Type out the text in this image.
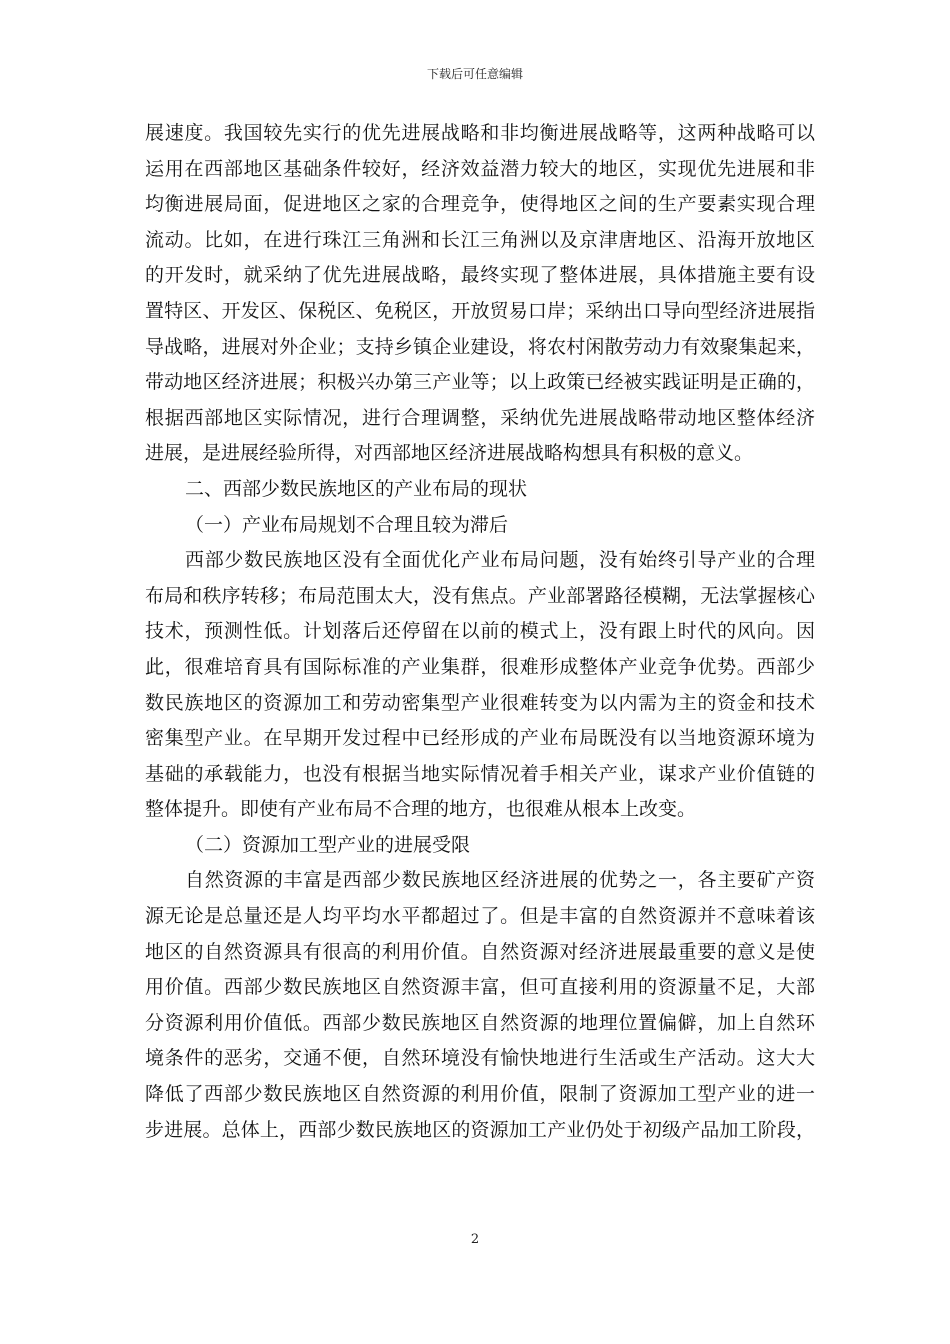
下载后可任意编辑
展速度。我国较先实行的优先进展战略和非均衡进展战略等，这两种战略可以
运用在西部地区基础条件较好，经济效益潜力较大的地区，实现优先进展和非
均衡进展局面，促进地区之家的合理竞争，使得地区之间的生产要素实现合理
流动。比如，在进行珠江三角洲和长江三角洲以及京津唐地区、沿海开放地区
的开发时，就采纳了优先进展战略，最终实现了整体进展，具体措施主要有设
置特区、开发区、保税区、免税区，开放贸易口岸；采纳出口导向型经济进展指
导战略，进展对外企业；支持乡镇企业建设，将农村闲散劳动力有效聚集起来，
带动地区经济进展；积极兴办第三产业等；以上政策已经被实践证明是正确的，
根据西部地区实际情况，进行合理调整，采纳优先进展战略带动地区整体经济
进展，是进展经验所得，对西部地区经济进展战略构想具有积极的意义。
二、西部少数民族地区的产业布局的现状
（一）产业布局规划不合理且较为滞后
西部少数民族地区没有全面优化产业布局问题，没有始终引导产业的合理
布局和秩序转移；布局范围太大，没有焦点。产业部署路径模糊，无法掌握核心
技术，预测性低。计划落后还停留在以前的模式上，没有跟上时代的风向。因
此，很难培育具有国际标准的产业集群，很难形成整体产业竞争优势。西部少
数民族地区的资源加工和劳动密集型产业很难转变为以内需为主的资金和技术
密集型产业。在早期开发过程中已经形成的产业布局既没有以当地资源环境为
基础的承载能力，也没有根据当地实际情况着手相关产业，谋求产业价值链的
整体提升。即使有产业布局不合理的地方，也很难从根本上改变。
（二）资源加工型产业的进展受限
自然资源的丰富是西部少数民族地区经济进展的优势之一，各主要矿产资
源无论是总量还是人均平均水平都超过了。但是丰富的自然资源并不意味着该
地区的自然资源具有很高的利用价值。自然资源对经济进展最重要的意义是使
用价值。西部少数民族地区自然资源丰富，但可直接利用的资源量不足，大部
分资源利用价值低。西部少数民族地区自然资源的地理位置偏僻，加上自然环
境条件的恶劣，交通不便，自然环境没有愉快地进行生活或生产活动。这大大
降低了西部少数民族地区自然资源的利用价值，限制了资源加工型产业的进一
步进展。总体上，西部少数民族地区的资源加工产业仍处于初级产品加工阶段，
2
